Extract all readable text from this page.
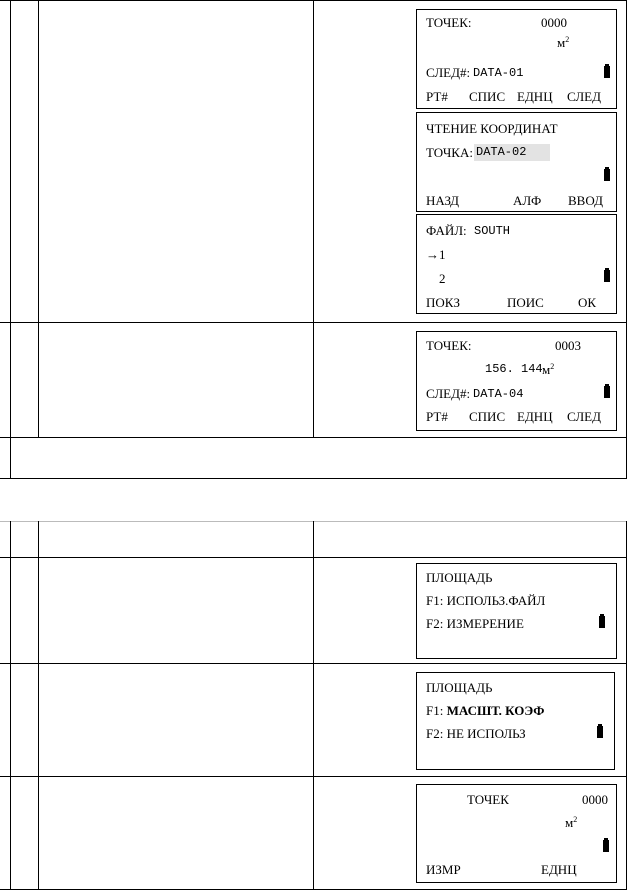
ТОЧЕК:	0000
$м^2$
СЛЕД#: DATA-01
РТ# СПИС ЕДНЦ СЛЕД
ЧТЕНИЕ КООРДИНАТ
ТОЧКА: DATA-02
НАЗД	АЛФ ВВОД
ФАЙЛ: SOUTH
→ 1
2
ПОКЗ	ПОИС	ОК
ТОЧЕК:	0003
156. 144 $м^2$
СЛЕД#: DATA-04
РТ# СПИС ЕДНЦ СЛЕД
ПЛОЩАДЬ
F1: ИСПОЛЬЗ.ФАЙЛ
F2: ИЗМЕРЕНИЕ
ПЛОЩАДЬ
F1: МАСШТ. КОЭФ
F2: НЕ ИСПОЛЬЗ
ТОЧЕК	0000
$м^2$
ИЗМР	ЕДНЦ
